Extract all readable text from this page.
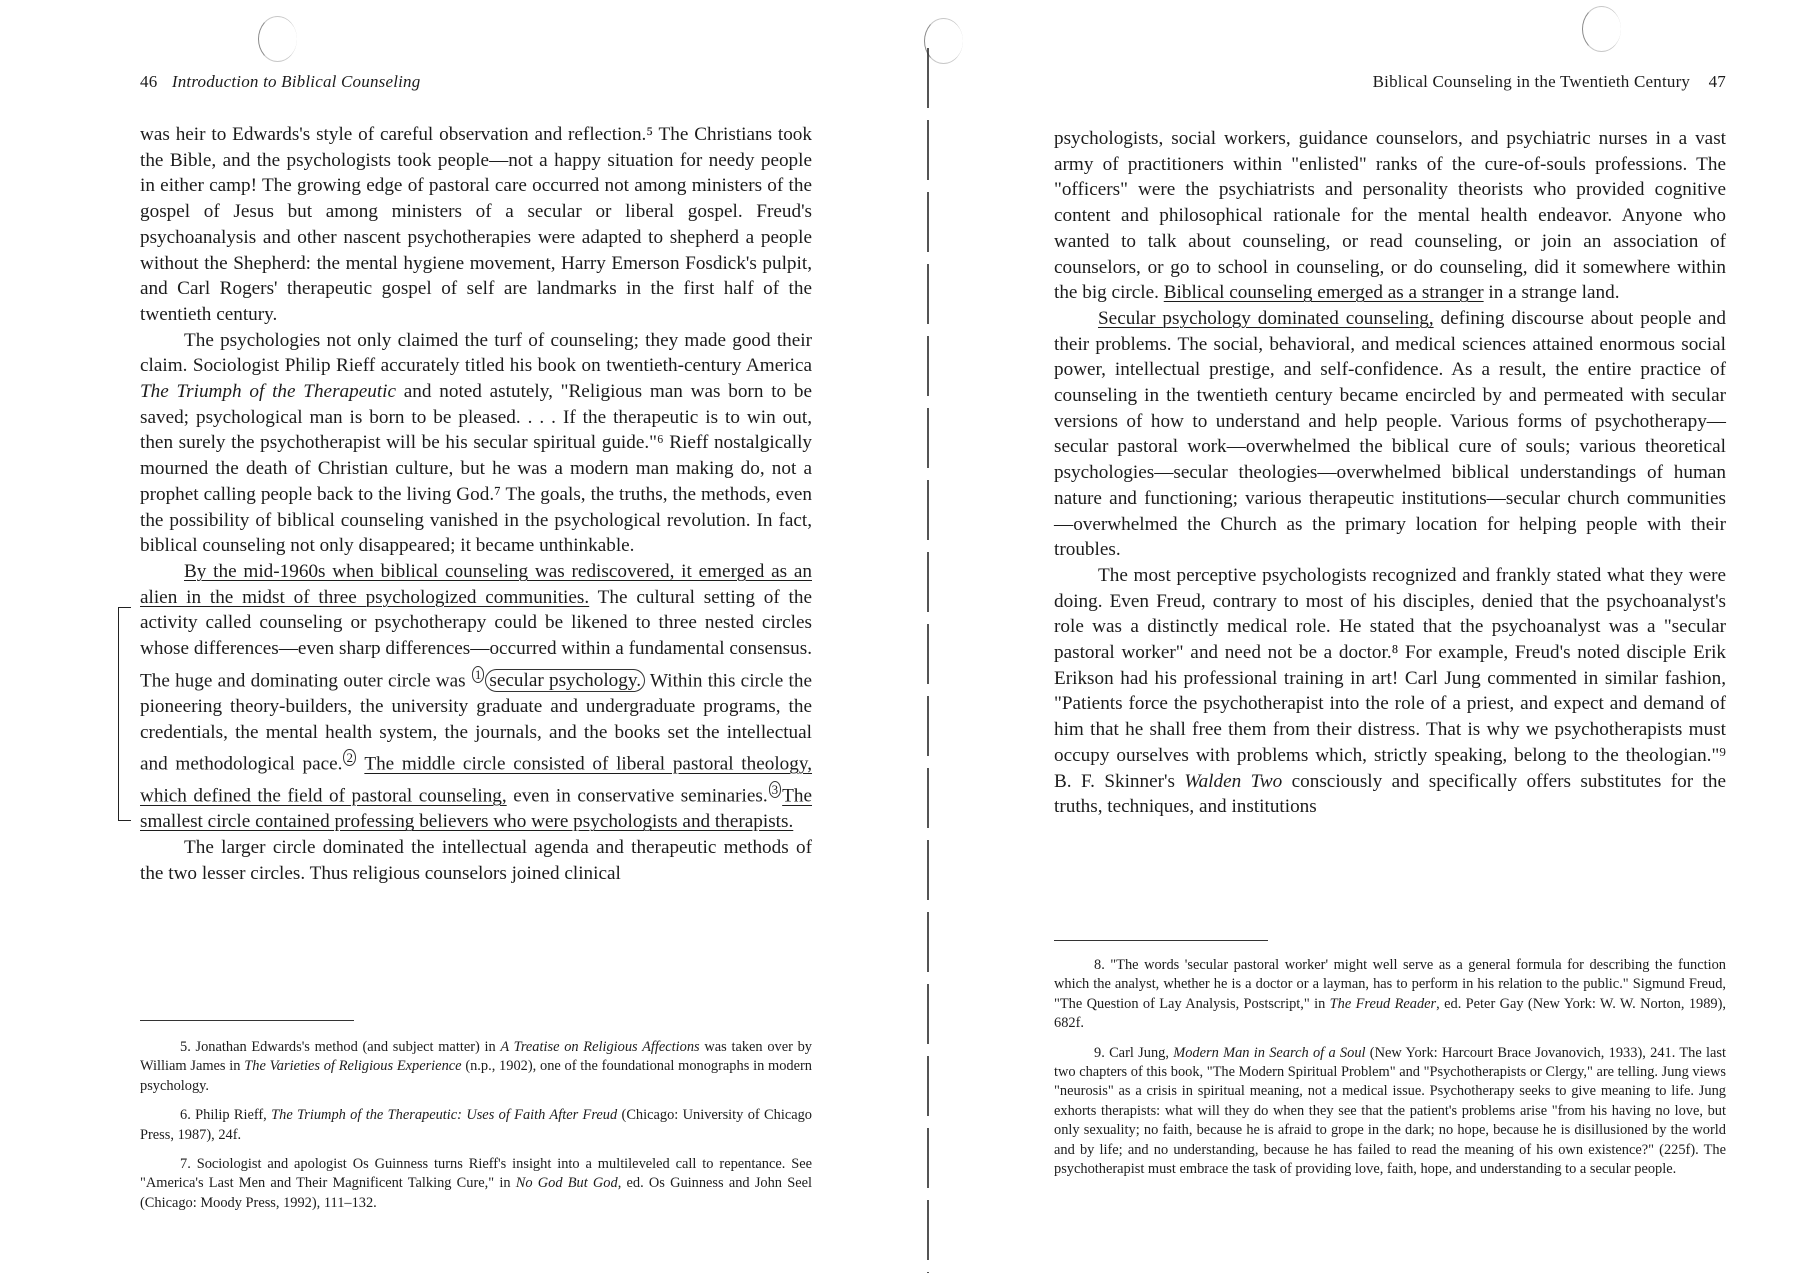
46 Introduction to Biblical Counseling

was heir to Edwards's style of careful observation and reflection.⁵ The Christians took the Bible, and the psychologists took people—not a happy situation for needy people in either camp! The growing edge of pastoral care occurred not among ministers of the gospel of Jesus but among ministers of a secular or liberal gospel. Freud's psychoanalysis and other nascent psychotherapies were adapted to shepherd a people without the Shepherd: the mental hygiene movement, Harry Emerson Fosdick's pulpit, and Carl Rogers' therapeutic gospel of self are landmarks in the first half of the twentieth century.

The psychologies not only claimed the turf of counseling; they made good their claim. Sociologist Philip Rieff accurately titled his book on twentieth-century America The Triumph of the Therapeutic and noted astutely, "Religious man was born to be saved; psychological man is born to be pleased. . . . If the therapeutic is to win out, then surely the psychotherapist will be his secular spiritual guide."⁶ Rieff nostalgically mourned the death of Christian culture, but he was a modern man making do, not a prophet calling people back to the living God.⁷ The goals, the truths, the methods, even the possibility of biblical counseling vanished in the psychological revolution. In fact, biblical counseling not only disappeared; it became unthinkable.

By the mid-1960s when biblical counseling was rediscovered, it emerged as an alien in the midst of three psychologized communities. The cultural setting of the activity called counseling or psychotherapy could be likened to three nested circles whose differences—even sharp differences—occurred within a fundamental consensus. The huge and dominating outer circle was $^1$ secular psychology. Within this circle the pioneering theory-builders, the university graduate and undergraduate programs, the credentials, the mental health system, the journals, and the books set the intellectual and methodological pace. $^2$ The middle circle consisted of liberal pastoral theology, which defined the field of pastoral counseling, even in conservative seminaries. $^3$ The smallest circle contained professing believers who were psychologists and therapists.

The larger circle dominated the intellectual agenda and therapeutic methods of the two lesser circles. Thus religious counselors joined clinical

5. Jonathan Edwards's method (and subject matter) in A Treatise on Religious Affections was taken over by William James in The Varieties of Religious Experience (n.p., 1902), one of the foundational monographs in modern psychology.

6. Philip Rieff, The Triumph of the Therapeutic: Uses of Faith After Freud (Chicago: University of Chicago Press, 1987), 24f.

7. Sociologist and apologist Os Guinness turns Rieff's insight into a multileveled call to repentance. See "America's Last Men and Their Magnificent Talking Cure," in No God But God, ed. Os Guinness and John Seel (Chicago: Moody Press, 1992), 111–132.

Biblical Counseling in the Twentieth Century 47

psychologists, social workers, guidance counselors, and psychiatric nurses in a vast army of practitioners within "enlisted" ranks of the cure-of-souls professions. The "officers" were the psychiatrists and personality theorists who provided cognitive content and philosophical rationale for the mental health endeavor. Anyone who wanted to talk about counseling, or read counseling, or join an association of counselors, or go to school in counseling, or do counseling, did it somewhere within the big circle. Biblical counseling emerged as a stranger in a strange land.

Secular psychology dominated counseling, defining discourse about people and their problems. The social, behavioral, and medical sciences attained enormous social power, intellectual prestige, and self-confidence. As a result, the entire practice of counseling in the twentieth century became encircled by and permeated with secular versions of how to understand and help people. Various forms of psychotherapy—secular pastoral work—overwhelmed the biblical cure of souls; various theoretical psychologies—secular theologies—overwhelmed biblical understandings of human nature and functioning; various therapeutic institutions—secular church communities—overwhelmed the Church as the primary location for helping people with their troubles.

The most perceptive psychologists recognized and frankly stated what they were doing. Even Freud, contrary to most of his disciples, denied that the psychoanalyst's role was a distinctly medical role. He stated that the psychoanalyst was a "secular pastoral worker" and need not be a doctor.⁸ For example, Freud's noted disciple Erik Erikson had his professional training in art! Carl Jung commented in similar fashion, "Patients force the psychotherapist into the role of a priest, and expect and demand of him that he shall free them from their distress. That is why we psychotherapists must occupy ourselves with problems which, strictly speaking, belong to the theologian."⁹ B. F. Skinner's Walden Two consciously and specifically offers substitutes for the truths, techniques, and institutions

8. "The words 'secular pastoral worker' might well serve as a general formula for describing the function which the analyst, whether he is a doctor or a layman, has to perform in his relation to the public." Sigmund Freud, "The Question of Lay Analysis, Postscript," in The Freud Reader, ed. Peter Gay (New York: W. W. Norton, 1989), 682f.

9. Carl Jung, Modern Man in Search of a Soul (New York: Harcourt Brace Jovanovich, 1933), 241. The last two chapters of this book, "The Modern Spiritual Problem" and "Psychotherapists or Clergy," are telling. Jung views "neurosis" as a crisis in spiritual meaning, not a medical issue. Psychotherapy seeks to give meaning to life. Jung exhorts therapists: what will they do when they see that the patient's problems arise "from his having no love, but only sexuality; no faith, because he is afraid to grope in the dark; no hope, because he is disillusioned by the world and by life; and no understanding, because he has failed to read the meaning of his own existence?" (225f). The psychotherapist must embrace the task of providing love, faith, hope, and understanding to a secular people.
